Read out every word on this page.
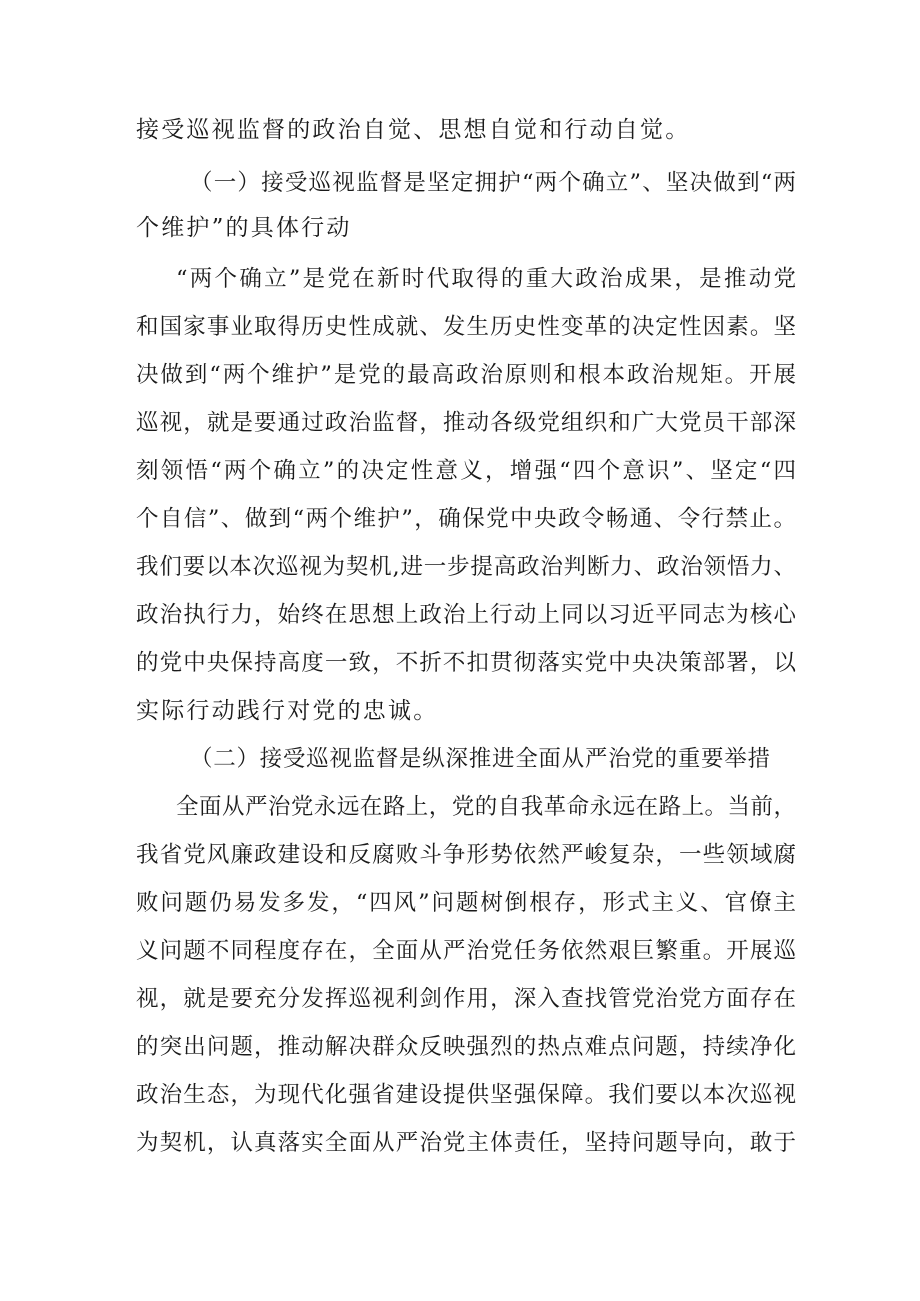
接受巡视监督的政治自觉、思想自觉和行动自觉。
（一）接受巡视监督是坚定拥护“两个确立”、坚决做到“两
个维护”的具体行动
“两个确立”是党在新时代取得的重大政治成果，是推动党
和国家事业取得历史性成就、发生历史性变革的决定性因素。坚
决做到“两个维护”是党的最高政治原则和根本政治规矩。开展
巡视，就是要通过政治监督，推动各级党组织和广大党员干部深
刻领悟“两个确立”的决定性意义，增强“四个意识”、坚定“四
个自信”、做到“两个维护”，确保党中央政令畅通、令行禁止。
我们要以本次巡视为契机,进一步提高政治判断力、政治领悟力、
政治执行力，始终在思想上政治上行动上同以习近平同志为核心
的党中央保持高度一致，不折不扣贯彻落实党中央决策部署，以
实际行动践行对党的忠诚。
（二）接受巡视监督是纵深推进全面从严治党的重要举措
全面从严治党永远在路上，党的自我革命永远在路上。当前，
我省党风廉政建设和反腐败斗争形势依然严峻复杂，一些领域腐
败问题仍易发多发，“四风”问题树倒根存，形式主义、官僚主
义问题不同程度存在，全面从严治党任务依然艰巨繁重。开展巡
视，就是要充分发挥巡视利剑作用，深入查找管党治党方面存在
的突出问题，推动解决群众反映强烈的热点难点问题，持续净化
政治生态，为现代化强省建设提供坚强保障。我们要以本次巡视
为契机，认真落实全面从严治党主体责任，坚持问题导向，敢于
